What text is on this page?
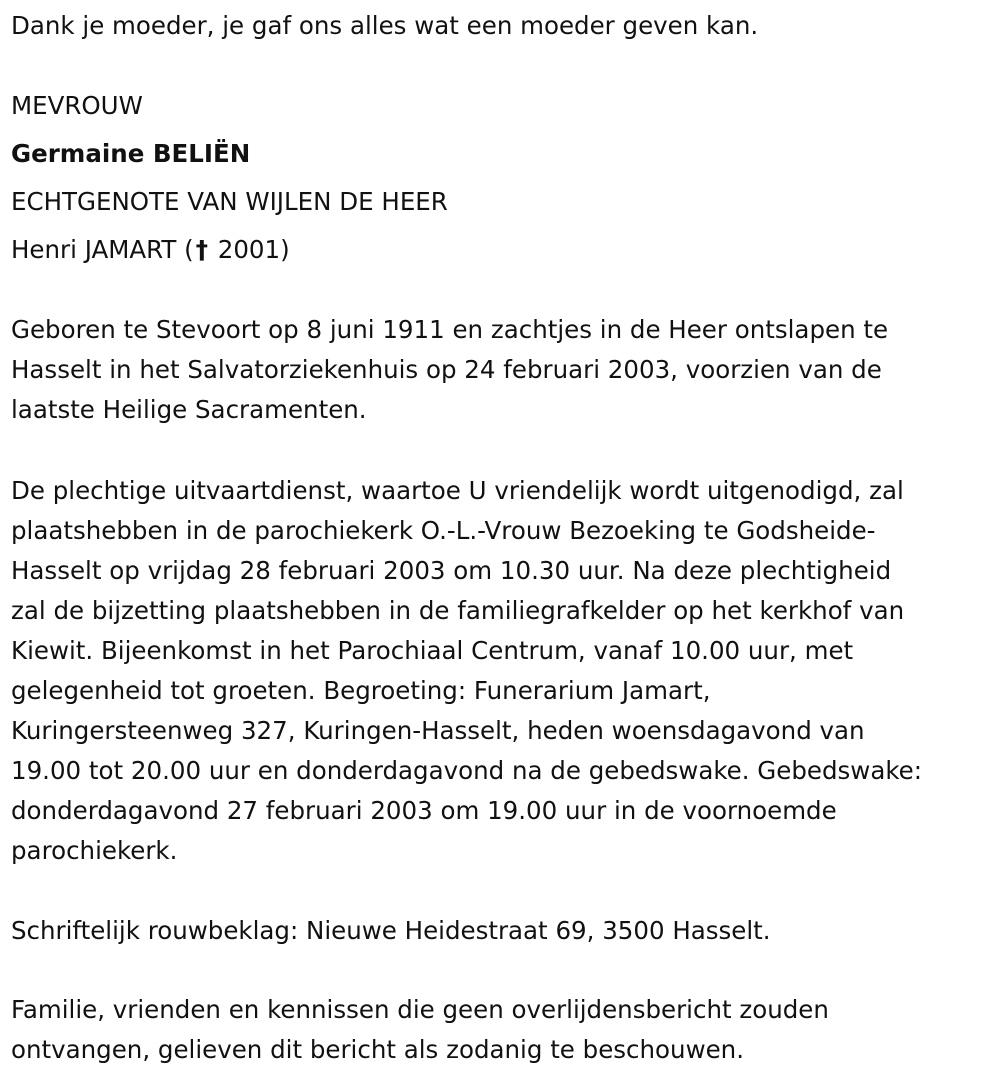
Dank je moeder, je gaf ons alles wat een moeder geven kan.
MEVROUW
Germaine BELIËN
ECHTGENOTE VAN WIJLEN DE HEER
Henri JAMART († 2001)
Geboren te Stevoort op 8 juni 1911 en zachtjes in de Heer ontslapen te
Hasselt in het Salvatorziekenhuis op 24 februari 2003, voorzien van de
laatste Heilige Sacramenten.
De plechtige uitvaartdienst, waartoe U vriendelijk wordt uitgenodigd, zal
plaatshebben in de parochiekerk O.-L.-Vrouw Bezoeking te Godsheide-
Hasselt op vrijdag 28 februari 2003 om 10.30 uur. Na deze plechtigheid
zal de bijzetting plaatshebben in de familiegrafkelder op het kerkhof van
Kiewit. Bijeenkomst in het Parochiaal Centrum, vanaf 10.00 uur, met
gelegenheid tot groeten. Begroeting: Funerarium Jamart,
Kuringersteenweg 327, Kuringen-Hasselt, heden woensdagavond van
19.00 tot 20.00 uur en donderdagavond na de gebedswake. Gebedswake:
donderdagavond 27 februari 2003 om 19.00 uur in de voornoemde
parochiekerk.
Schriftelijk rouwbeklag: Nieuwe Heidestraat 69, 3500 Hasselt.
Familie, vrienden en kennissen die geen overlijdensbericht zouden
ontvangen, gelieven dit bericht als zodanig te beschouwen.
